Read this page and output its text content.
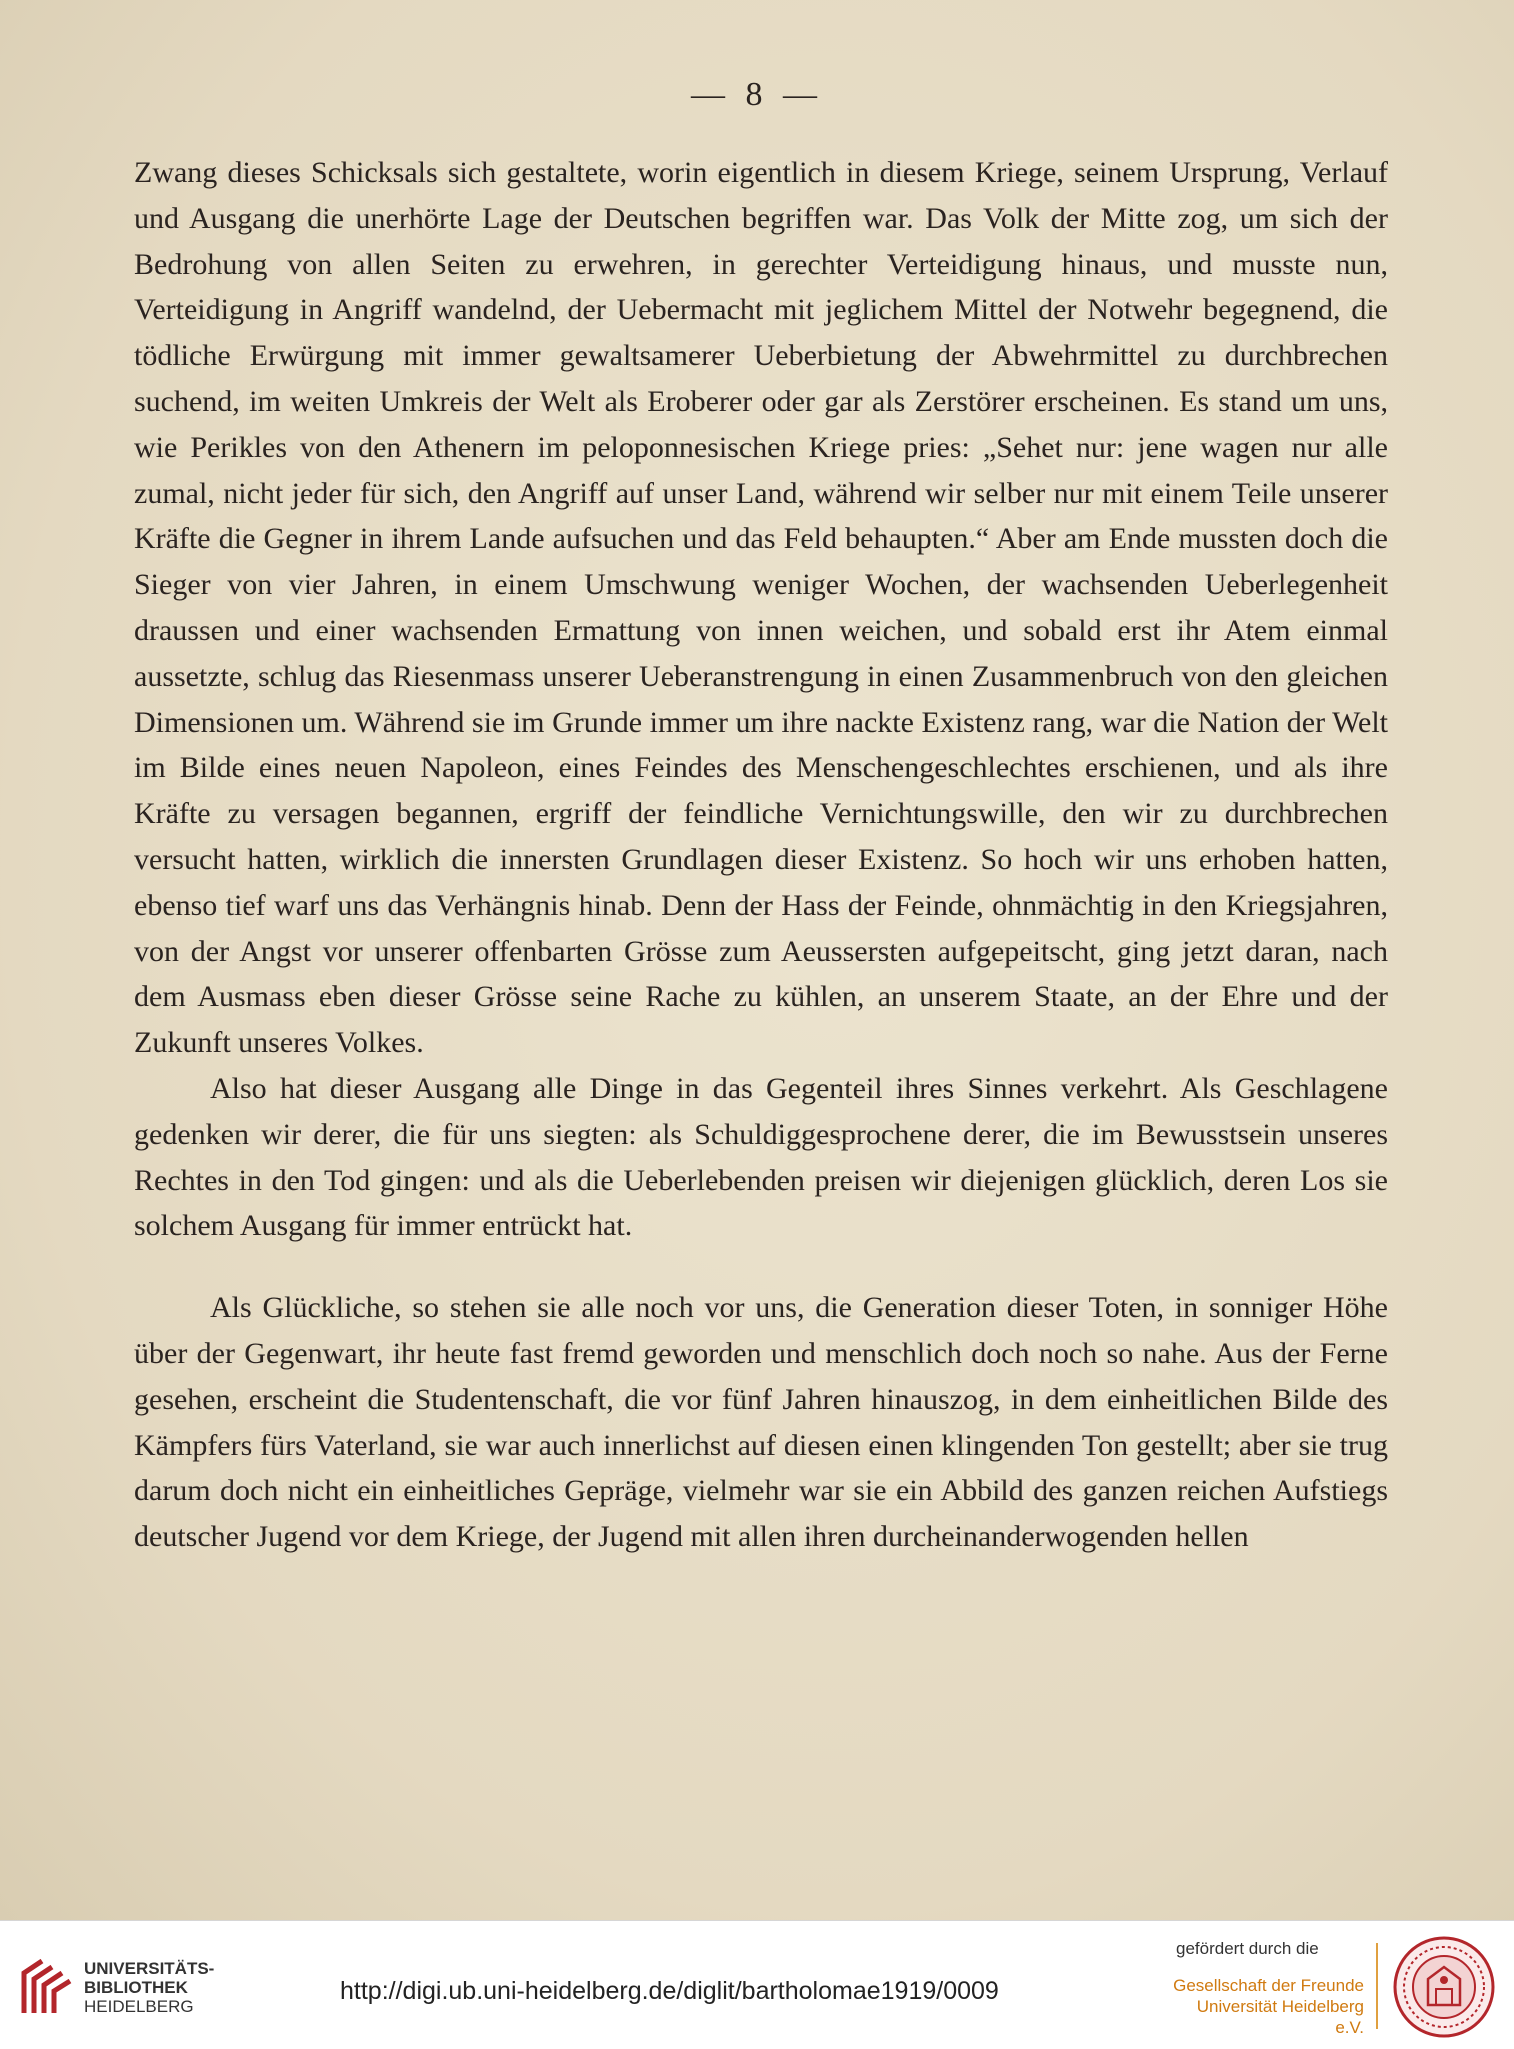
— 8 —

Zwang dieses Schicksals sich gestaltete, worin eigentlich in diesem Kriege, seinem Ursprung, Verlauf und Ausgang die unerhörte Lage der Deutschen begriffen war. Das Volk der Mitte zog, um sich der Bedrohung von allen Seiten zu erwehren, in gerechter Verteidigung hinaus, und musste nun, Verteidigung in Angriff wandelnd, der Uebermacht mit jeglichem Mittel der Notwehr begegnend, die tödliche Erwürgung mit immer gewaltsamerer Ueberbietung der Abwehrmittel zu durchbrechen suchend, im weiten Umkreis der Welt als Eroberer oder gar als Zerstörer erscheinen. Es stand um uns, wie Perikles von den Athenern im peloponnesischen Kriege pries: „Sehet nur: jene wagen nur alle zumal, nicht jeder für sich, den Angriff auf unser Land, während wir selber nur mit einem Teile unserer Kräfte die Gegner in ihrem Lande aufsuchen und das Feld behaupten.“ Aber am Ende mussten doch die Sieger von vier Jahren, in einem Umschwung weniger Wochen, der wachsenden Ueberlegenheit draussen und einer wachsenden Ermattung von innen weichen, und sobald erst ihr Atem einmal aussetzte, schlug das Riesenmass unserer Ueberanstrengung in einen Zusammenbruch von den gleichen Dimensionen um. Während sie im Grunde immer um ihre nackte Existenz rang, war die Nation der Welt im Bilde eines neuen Napoleon, eines Feindes des Menschengeschlechtes erschienen, und als ihre Kräfte zu versagen begannen, ergriff der feindliche Vernichtungswille, den wir zu durchbrechen versucht hatten, wirklich die innersten Grundlagen dieser Existenz. So hoch wir uns erhoben hatten, ebenso tief warf uns das Verhängnis hinab. Denn der Hass der Feinde, ohnmächtig in den Kriegsjahren, von der Angst vor unserer offenbarten Grösse zum Aeussersten aufgepeitscht, ging jetzt daran, nach dem Ausmass eben dieser Grösse seine Rache zu kühlen, an unserem Staate, an der Ehre und der Zukunft unseres Volkes.

Also hat dieser Ausgang alle Dinge in das Gegenteil ihres Sinnes verkehrt. Als Geschlagene gedenken wir derer, die für uns siegten: als Schuldiggesprochene derer, die im Bewusstsein unseres Rechtes in den Tod gingen: und als die Ueberlebenden preisen wir diejenigen glücklich, deren Los sie solchem Ausgang für immer entrückt hat.

Als Glückliche, so stehen sie alle noch vor uns, die Generation dieser Toten, in sonniger Höhe über der Gegenwart, ihr heute fast fremd geworden und menschlich doch noch so nahe. Aus der Ferne gesehen, erscheint die Studentenschaft, die vor fünf Jahren hinauszog, in dem einheitlichen Bilde des Kämpfers fürs Vaterland, sie war auch innerlichst auf diesen einen klingenden Ton gestellt; aber sie trug darum doch nicht ein einheitliches Gepräge, vielmehr war sie ein Abbild des ganzen reichen Aufstiegs deutscher Jugend vor dem Kriege, der Jugend mit allen ihren durcheinanderwogenden hellen

UNIVERSITÄTS-
BIBLIOTHEK
HEIDELBERG
http://digi.ub.uni-heidelberg.de/diglit/bartholomae1919/0009
gefördert durch die
Gesellschaft der Freunde
Universität Heidelberg e.V.
